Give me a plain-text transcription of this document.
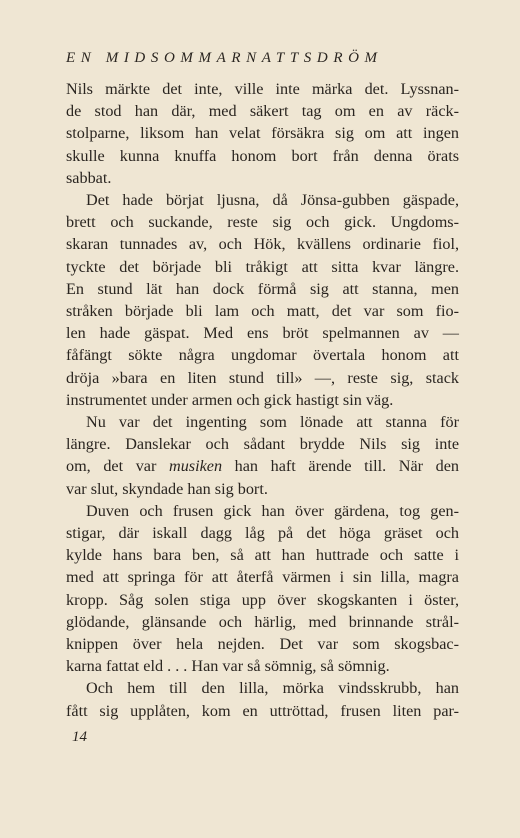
EN MIDSOMMARNATTSDRÖM

Nils märkte det inte, ville inte märka det. Lyssnan-
de stod han där, med säkert tag om en av räck-
stolparne, liksom han velat försäkra sig om att ingen
skulle kunna knuffa honom bort från denna örats
sabbat.

Det hade börjat ljusna, då Jönsa-gubben gäspade,
brett och suckande, reste sig och gick. Ungdoms-
skaran tunnades av, och Hök, kvällens ordinarie fiol,
tyckte det började bli tråkigt att sitta kvar längre.
En stund lät han dock förmå sig att stanna, men
stråken började bli lam och matt, det var som fio-
len hade gäspat. Med ens bröt spelmannen av —
fåfängt sökte några ungdomar övertala honom att
dröja »bara en liten stund till» —, reste sig, stack
instrumentet under armen och gick hastigt sin väg.

Nu var det ingenting som lönade att stanna för
längre. Danslekar och sådant brydde Nils sig inte
om, det var musiken han haft ärende till. När den
var slut, skyndade han sig bort.

Duven och frusen gick han över gärdena, tog gen-
stigar, där iskall dagg låg på det höga gräset och
kylde hans bara ben, så att han huttrade och satte i
med att springa för att återfå värmen i sin lilla, magra
kropp. Såg solen stiga upp över skogskanten i öster,
glödande, glänsande och härlig, med brinnande strål-
knippen över hela nejden. Det var som skogsbac-
karna fattat eld . . . Han var så sömnig, så sömnig.

Och hem till den lilla, mörka vindsskrubb, han
fått sig upplåten, kom en uttröttad, frusen liten par-

14
